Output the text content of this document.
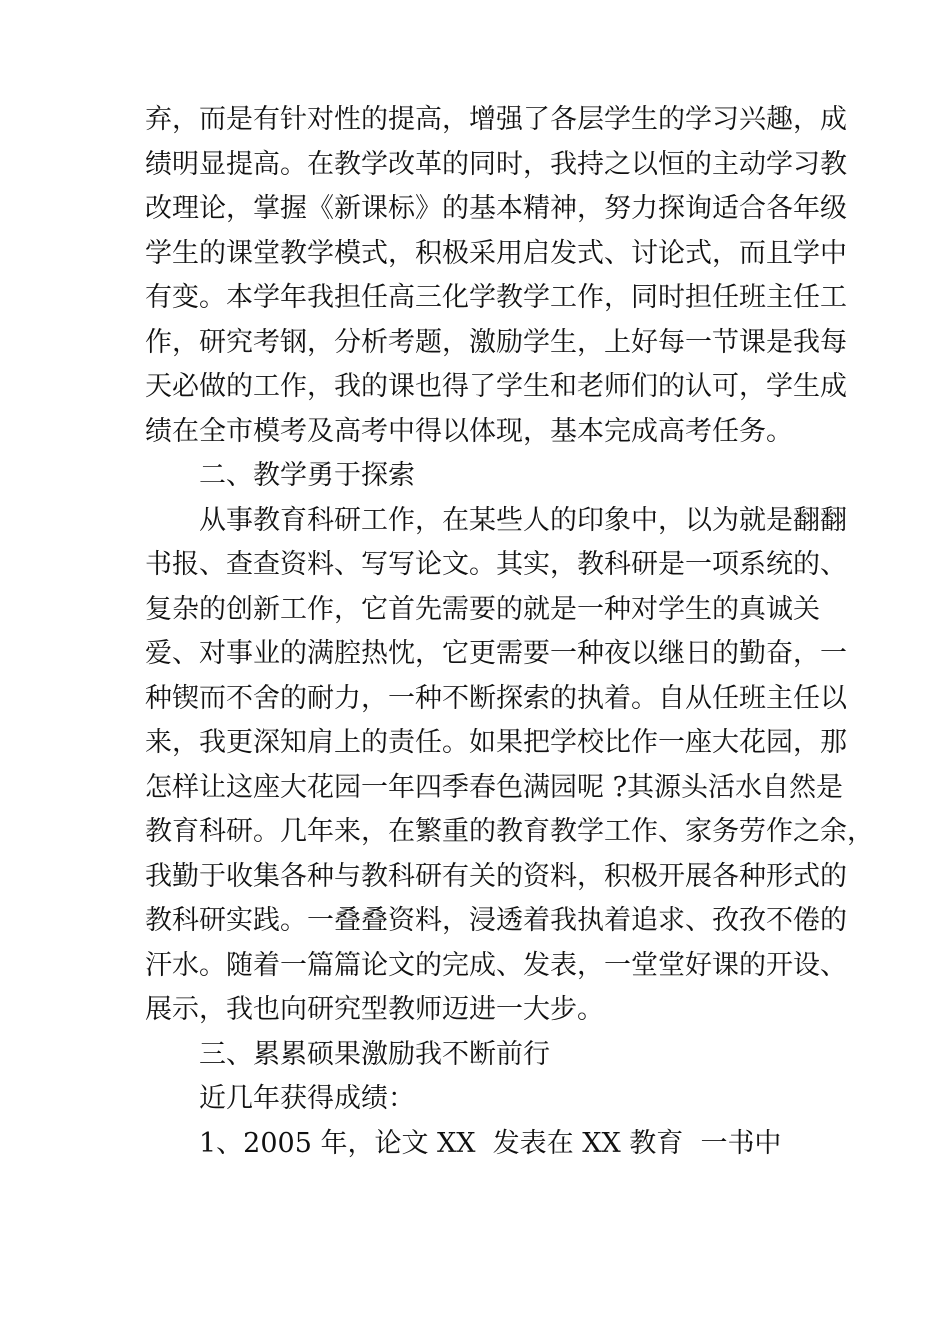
弃，而是有针对性的提高，增强了各层学生的学习兴趣，成
绩明显提高。在教学改革的同时，我持之以恒的主动学习教
改理论，掌握《新课标》的基本精神，努力探询适合各年级
学生的课堂教学模式，积极采用启发式、讨论式，而且学中
有变。本学年我担任高三化学教学工作，同时担任班主任工
作，研究考钢，分析考题，激励学生，上好每一节课是我每
天必做的工作，我的课也得了学生和老师们的认可，学生成
绩在全市模考及高考中得以体现，基本完成高考任务。
二、教学勇于探索
从事教育科研工作，在某些人的印象中，以为就是翻翻
书报、查查资料、写写论文。其实，教科研是一项系统的、
复杂的创新工作，它首先需要的就是一种对学生的真诚关
爱、对事业的满腔热忱，它更需要一种夜以继日的勤奋，一
种锲而不舍的耐力，一种不断探索的执着。自从任班主任以
来，我更深知肩上的责任。如果把学校比作一座大花园，那
怎样让这座大花园一年四季春色满园呢 ?其源头活水自然是
教育科研。几年来，在繁重的教育教学工作、家务劳作之余，
我勤于收集各种与教科研有关的资料，积极开展各种形式的
教科研实践。一叠叠资料，浸透着我执着追求、孜孜不倦的
汗水。随着一篇篇论文的完成、发表，一堂堂好课的开设、
展示，我也向研究型教师迈进一大步。
三、累累硕果激励我不断前行
近几年获得成绩：
1、2005 年，论文 XX  发表在 XX 教育  一书中
